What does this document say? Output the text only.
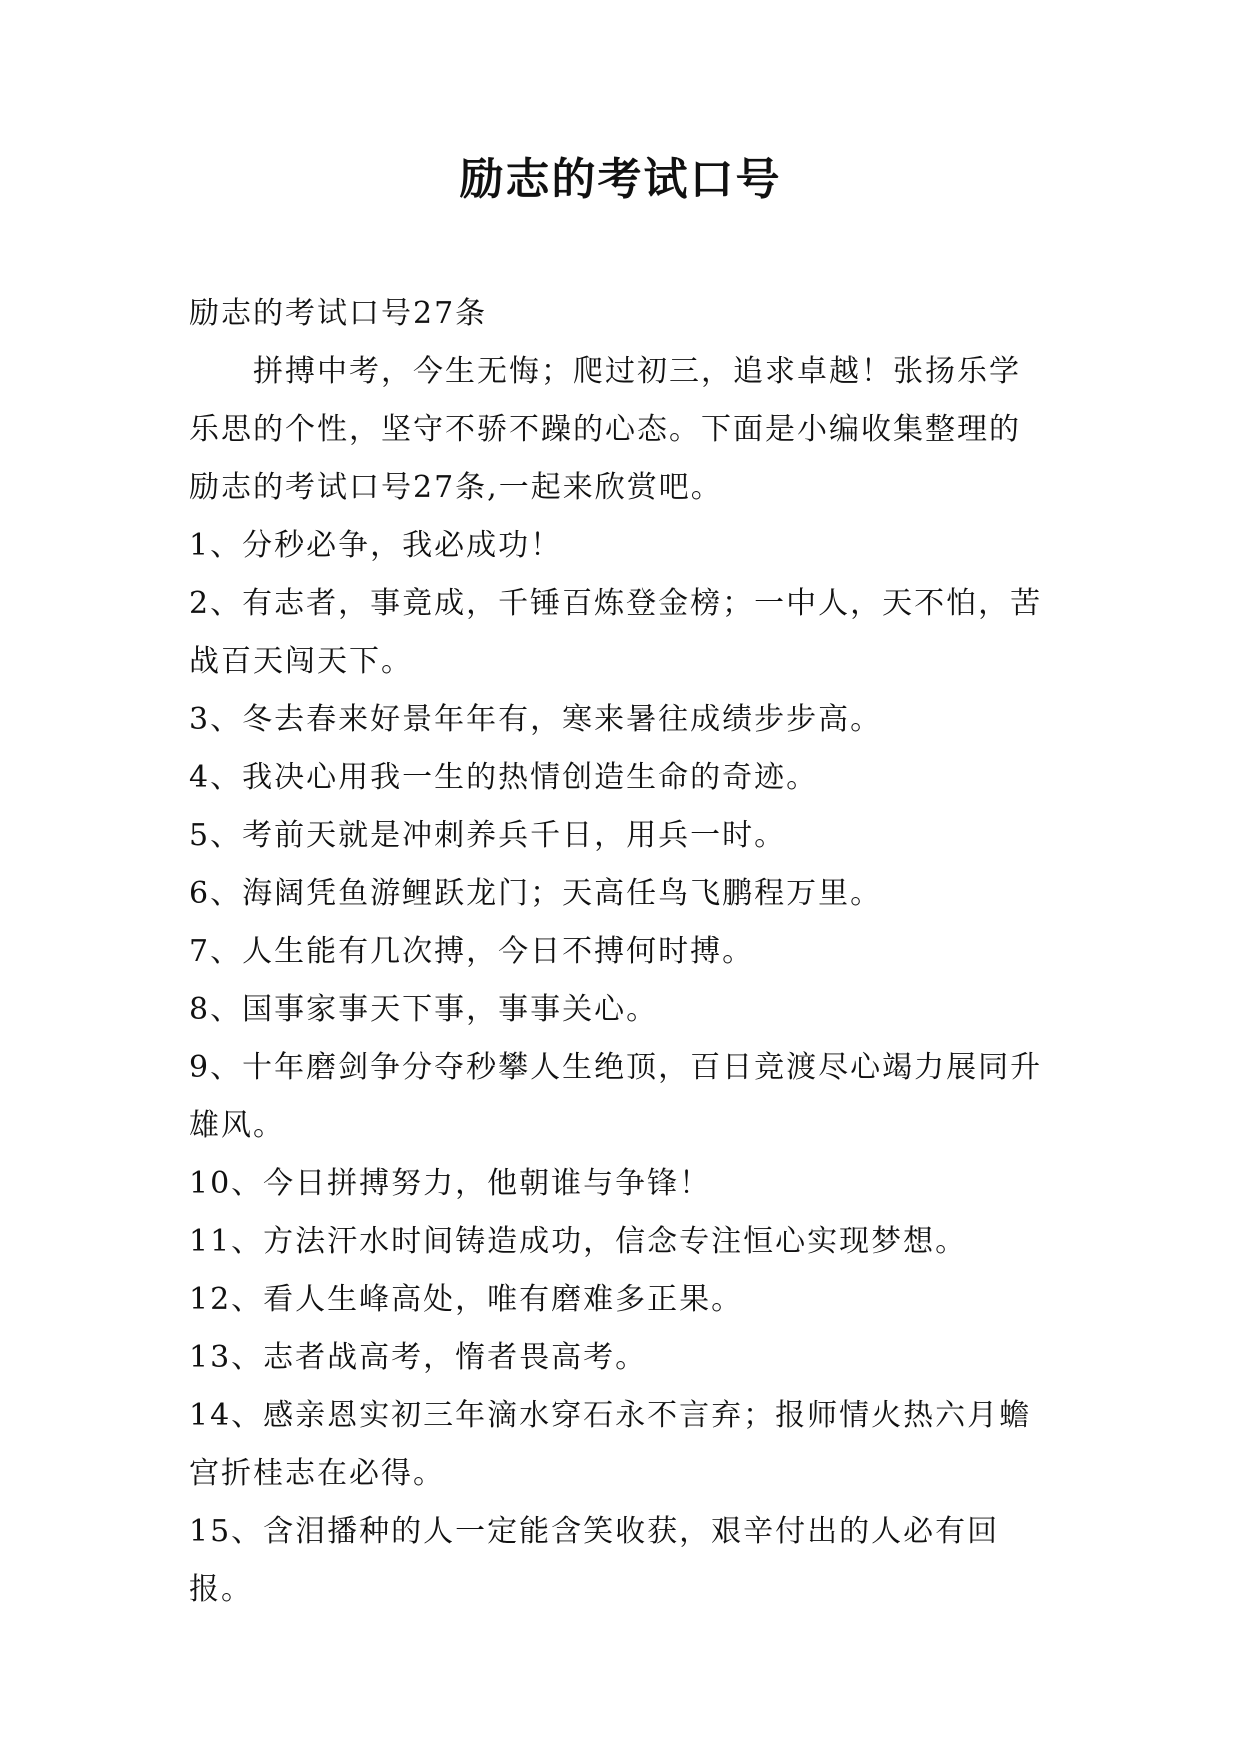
励志的考试口号

励志的考试口号27条

拼搏中考，今生无悔；爬过初三，追求卓越！张扬乐学乐思的个性，坚守不骄不躁的心态。下面是小编收集整理的励志的考试口号27条,一起来欣赏吧。

1、分秒必争，我必成功！

2、有志者，事竟成，千锤百炼登金榜；一中人，天不怕，苦战百天闯天下。

3、冬去春来好景年年有，寒来暑往成绩步步高。

4、我决心用我一生的热情创造生命的奇迹。

5、考前天就是冲刺养兵千日，用兵一时。

6、海阔凭鱼游鲤跃龙门；天高任鸟飞鹏程万里。

7、人生能有几次搏，今日不搏何时搏。

8、国事家事天下事，事事关心。

9、十年磨剑争分夺秒攀人生绝顶，百日竞渡尽心竭力展同升雄风。

10、今日拼搏努力，他朝谁与争锋！

11、方法汗水时间铸造成功，信念专注恒心实现梦想。

12、看人生峰高处，唯有磨难多正果。

13、志者战高考，惰者畏高考。

14、感亲恩实初三年滴水穿石永不言弃；报师情火热六月蟾宫折桂志在必得。

15、含泪播种的人一定能含笑收获，艰辛付出的人必有回报。
